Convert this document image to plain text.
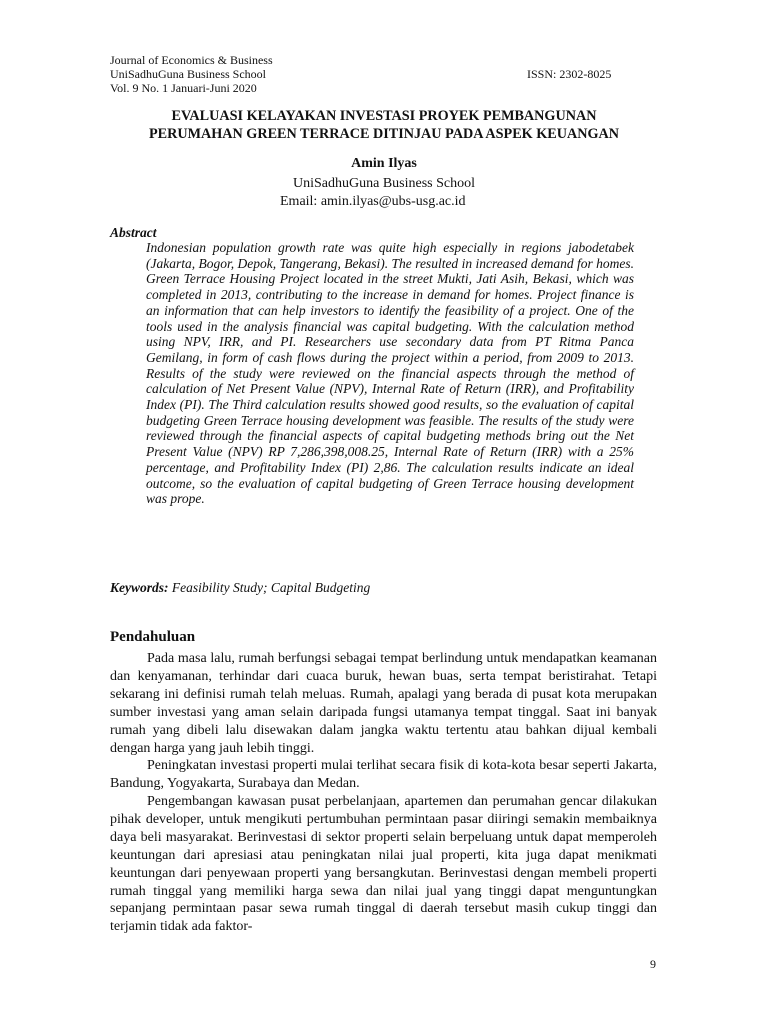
Journal of Economics & Business
UniSadhuGuna Business School	ISSN: 2302-8025
Vol. 9 No. 1 Januari-Juni 2020
EVALUASI KELAYAKAN INVESTASI PROYEK PEMBANGUNAN
PERUMAHAN GREEN TERRACE DITINJAU PADA ASPEK KEUANGAN
Amin Ilyas
UniSadhuGuna Business School
Email: amin.ilyas@ubs-usg.ac.id
Abstract
Indonesian population growth rate was quite high especially in regions jabodetabek (Jakarta, Bogor, Depok, Tangerang, Bekasi). The resulted in increased demand for homes. Green Terrace Housing Project located in the street Mukti, Jati Asih, Bekasi, which was completed in 2013, contributing to the increase in demand for homes. Project finance is an information that can help investors to identify the feasibility of a project. One of the tools used in the analysis financial was capital budgeting. With the calculation method using NPV, IRR, and PI. Researchers use secondary data from PT Ritma Panca Gemilang, in form of cash flows during the project within a period, from 2009 to 2013. Results of the study were reviewed on the financial aspects through the method of calculation of Net Present Value (NPV), Internal Rate of Return (IRR), and Profitability Index (PI). The Third calculation results showed good results, so the evaluation of capital budgeting Green Terrace housing development was feasible. The results of the study were reviewed through the financial aspects of capital budgeting methods bring out the Net Present Value (NPV) RP 7,286,398,008.25, Internal Rate of Return (IRR) with a 25% percentage, and Profitability Index (PI) 2,86. The calculation results indicate an ideal outcome, so the evaluation of capital budgeting of Green Terrace housing development was prope.
Keywords: Feasibility Study; Capital Budgeting
Pendahuluan

Pada masa lalu, rumah berfungsi sebagai tempat berlindung untuk mendapatkan keamanan dan kenyamanan, terhindar dari cuaca buruk, hewan buas, serta tempat beristirahat. Tetapi sekarang ini definisi rumah telah meluas. Rumah, apalagi yang berada di pusat kota merupakan sumber investasi yang aman selain daripada fungsi utamanya tempat tinggal. Saat ini banyak rumah yang dibeli lalu disewakan dalam jangka waktu tertentu atau bahkan dijual kembali dengan harga yang jauh lebih tinggi.

Peningkatan investasi properti mulai terlihat secara fisik di kota-kota besar seperti Jakarta, Bandung, Yogyakarta, Surabaya dan Medan.

Pengembangan kawasan pusat perbelanjaan, apartemen dan perumahan gencar dilakukan pihak developer, untuk mengikuti pertumbuhan permintaan pasar diiringi semakin membaiknya daya beli masyarakat. Berinvestasi di sektor properti selain berpeluang untuk dapat memperoleh keuntungan dari apresiasi atau peningkatan nilai jual properti, kita juga dapat menikmati keuntungan dari penyewaan properti yang bersangkutan. Berinvestasi dengan membeli properti rumah tinggal yang memiliki harga sewa dan nilai jual yang tinggi dapat menguntungkan sepanjang permintaan pasar sewa rumah tinggal di daerah tersebut masih cukup tinggi dan terjamin tidak ada faktor-

9
